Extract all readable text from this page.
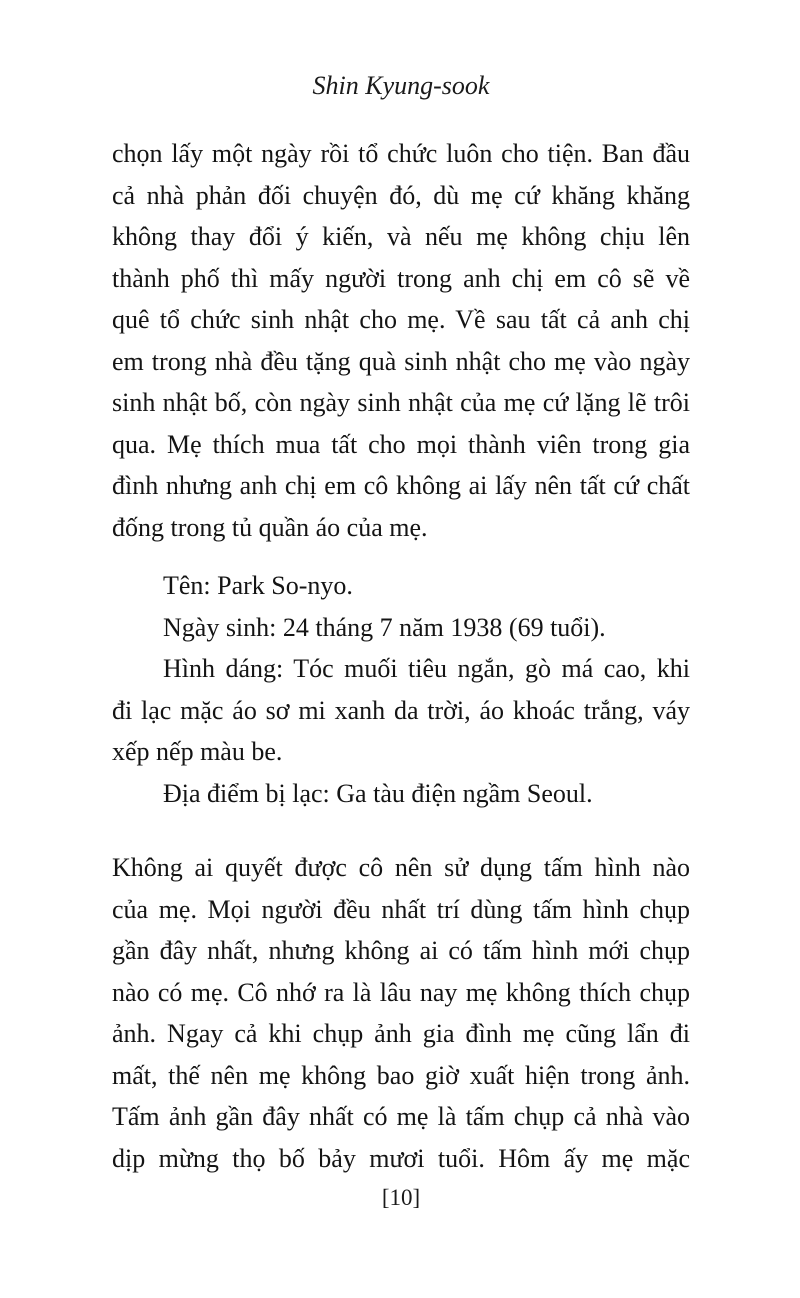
Shin Kyung-sook
chọn lấy một ngày rồi tổ chức luôn cho tiện. Ban đầu
cả nhà phản đối chuyện đó, dù mẹ cứ khăng khăng
không thay đổi ý kiến, và nếu mẹ không chịu lên
thành phố thì mấy người trong anh chị em cô sẽ về
quê tổ chức sinh nhật cho mẹ. Về sau tất cả anh chị
em trong nhà đều tặng quà sinh nhật cho mẹ vào ngày
sinh nhật bố, còn ngày sinh nhật của mẹ cứ lặng lẽ trôi
qua. Mẹ thích mua tất cho mọi thành viên trong gia
đình nhưng anh chị em cô không ai lấy nên tất cứ chất
đống trong tủ quần áo của mẹ.
Tên: Park So-nyo.
Ngày sinh: 24 tháng 7 năm 1938 (69 tuổi).
Hình dáng: Tóc muối tiêu ngắn, gò má cao, khi
đi lạc mặc áo sơ mi xanh da trời, áo khoác trắng, váy
xếp nếp màu be.
Địa điểm bị lạc: Ga tàu điện ngầm Seoul.
Không ai quyết được cô nên sử dụng tấm hình nào
của mẹ. Mọi người đều nhất trí dùng tấm hình chụp
gần đây nhất, nhưng không ai có tấm hình mới chụp
nào có mẹ. Cô nhớ ra là lâu nay mẹ không thích chụp
ảnh. Ngay cả khi chụp ảnh gia đình mẹ cũng lẩn đi
mất, thế nên mẹ không bao giờ xuất hiện trong ảnh.
Tấm ảnh gần đây nhất có mẹ là tấm chụp cả nhà vào
dịp mừng thọ bố bảy mươi tuổi. Hôm ấy mẹ mặc
[10]
